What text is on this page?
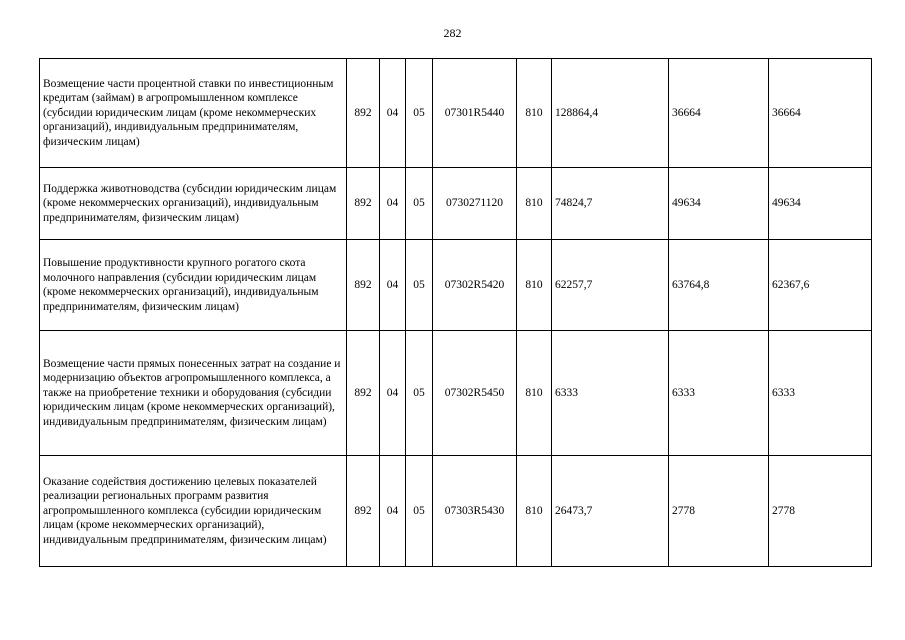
282
Возмещение части процентной ставки по инвестиционным кредитам (займам) в агропромышленном комплексе (субсидии юридическим лицам (кроме некоммерческих организаций), индивидуальным предпринимателям, физическим лицам)	892	04	05	07301R5440	810	128864,4	36664	36664
Поддержка животноводства (субсидии юридическим лицам (кроме некоммерческих организаций), индивидуальным предпринимателям, физическим лицам)	892	04	05	0730271120	810	74824,7	49634	49634
Повышение продуктивности крупного рогатого скота молочного направления (субсидии юридическим лицам (кроме некоммерческих организаций), индивидуальным предпринимателям, физическим лицам)	892	04	05	07302R5420	810	62257,7	63764,8	62367,6
Возмещение части прямых понесенных затрат на создание и модернизацию объектов агропромышленного комплекса, а также на приобретение техники и оборудования (субсидии юридическим лицам (кроме некоммерческих организаций), индивидуальным предпринимателям, физическим лицам)	892	04	05	07302R5450	810	6333	6333	6333
Оказание содействия достижению целевых показателей реализации региональных программ развития агропромышленного комплекса (субсидии юридическим лицам (кроме некоммерческих организаций), индивидуальным предпринимателям, физическим лицам)	892	04	05	07303R5430	810	26473,7	2778	2778
